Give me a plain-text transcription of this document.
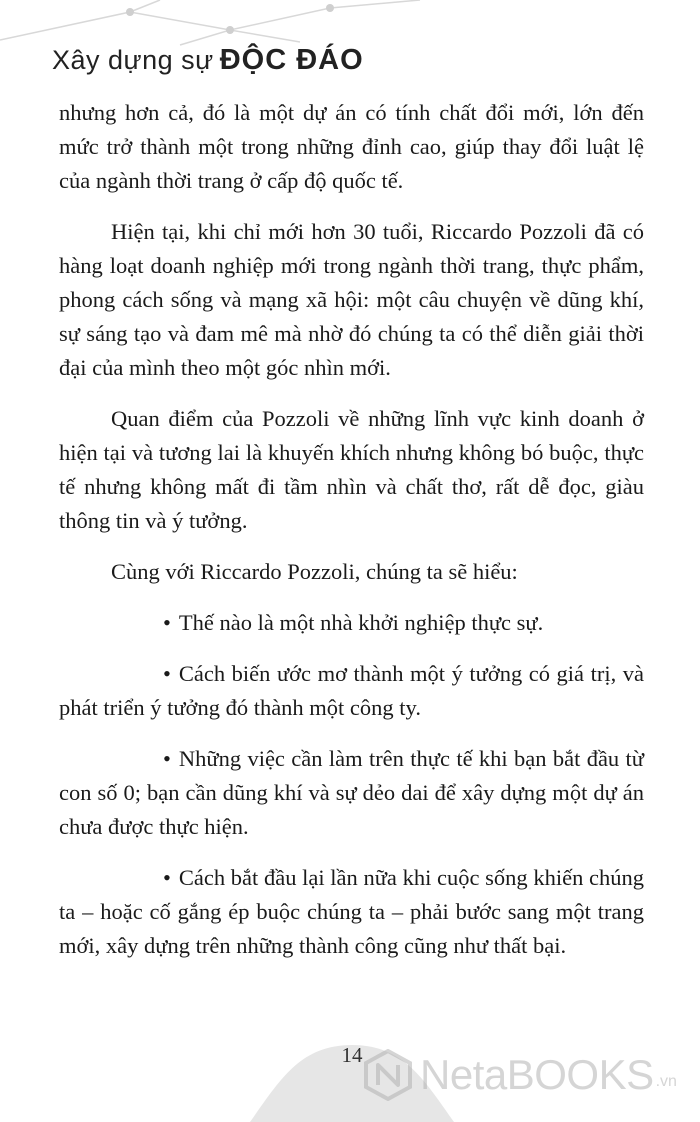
Xây dựng sự ĐỘC ĐÁO

nhưng hơn cả, đó là một dự án có tính chất đổi mới, lớn đến mức trở thành một trong những đỉnh cao, giúp thay đổi luật lệ của ngành thời trang ở cấp độ quốc tế.

Hiện tại, khi chỉ mới hơn 30 tuổi, Riccardo Pozzoli đã có hàng loạt doanh nghiệp mới trong ngành thời trang, thực phẩm, phong cách sống và mạng xã hội: một câu chuyện về dũng khí, sự sáng tạo và đam mê mà nhờ đó chúng ta có thể diễn giải thời đại của mình theo một góc nhìn mới.

Quan điểm của Pozzoli về những lĩnh vực kinh doanh ở hiện tại và tương lai là khuyến khích nhưng không bó buộc, thực tế nhưng không mất đi tầm nhìn và chất thơ, rất dễ đọc, giàu thông tin và ý tưởng.

Cùng với Riccardo Pozzoli, chúng ta sẽ hiểu:

• Thế nào là một nhà khởi nghiệp thực sự.

• Cách biến ước mơ thành một ý tưởng có giá trị, và phát triển ý tưởng đó thành một công ty.

• Những việc cần làm trên thực tế khi bạn bắt đầu từ con số 0; bạn cần dũng khí và sự dẻo dai để xây dựng một dự án chưa được thực hiện.

• Cách bắt đầu lại lần nữa khi cuộc sống khiến chúng ta – hoặc cố gắng ép buộc chúng ta – phải bước sang một trang mới, xây dựng trên những thành công cũng như thất bại.

14	NetaBOOKS .vn
